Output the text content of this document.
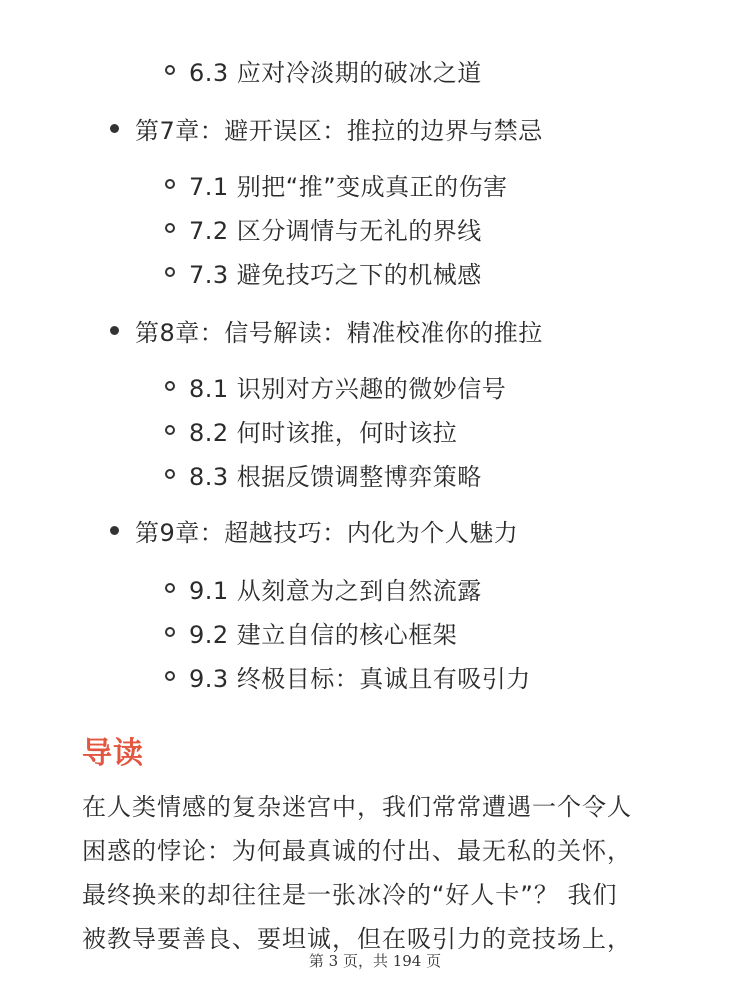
6.3 应对冷淡期的破冰之道
第7章：避开误区：推拉的边界与禁忌
7.1 别把“推”变成真正的伤害
7.2 区分调情与无礼的界线
7.3 避免技巧之下的机械感
第8章：信号解读：精准校准你的推拉
8.1 识别对方兴趣的微妙信号
8.2 何时该推，何时该拉
8.3 根据反馈调整博弈策略
第9章：超越技巧：内化为个人魅力
9.1 从刻意为之到自然流露
9.2 建立自信的核心框架
9.3 终极目标：真诚且有吸引力
导读
在人类情感的复杂迷宫中，我们常常遭遇一个令人
困惑的悖论：为何最真诚的付出、最无私的关怀，
最终换来的却往往是一张冰冷的“好人卡”？ 我们
被教导要善良、要坦诚，但在吸引力的竞技场上，
第 3 页，共 194 页
